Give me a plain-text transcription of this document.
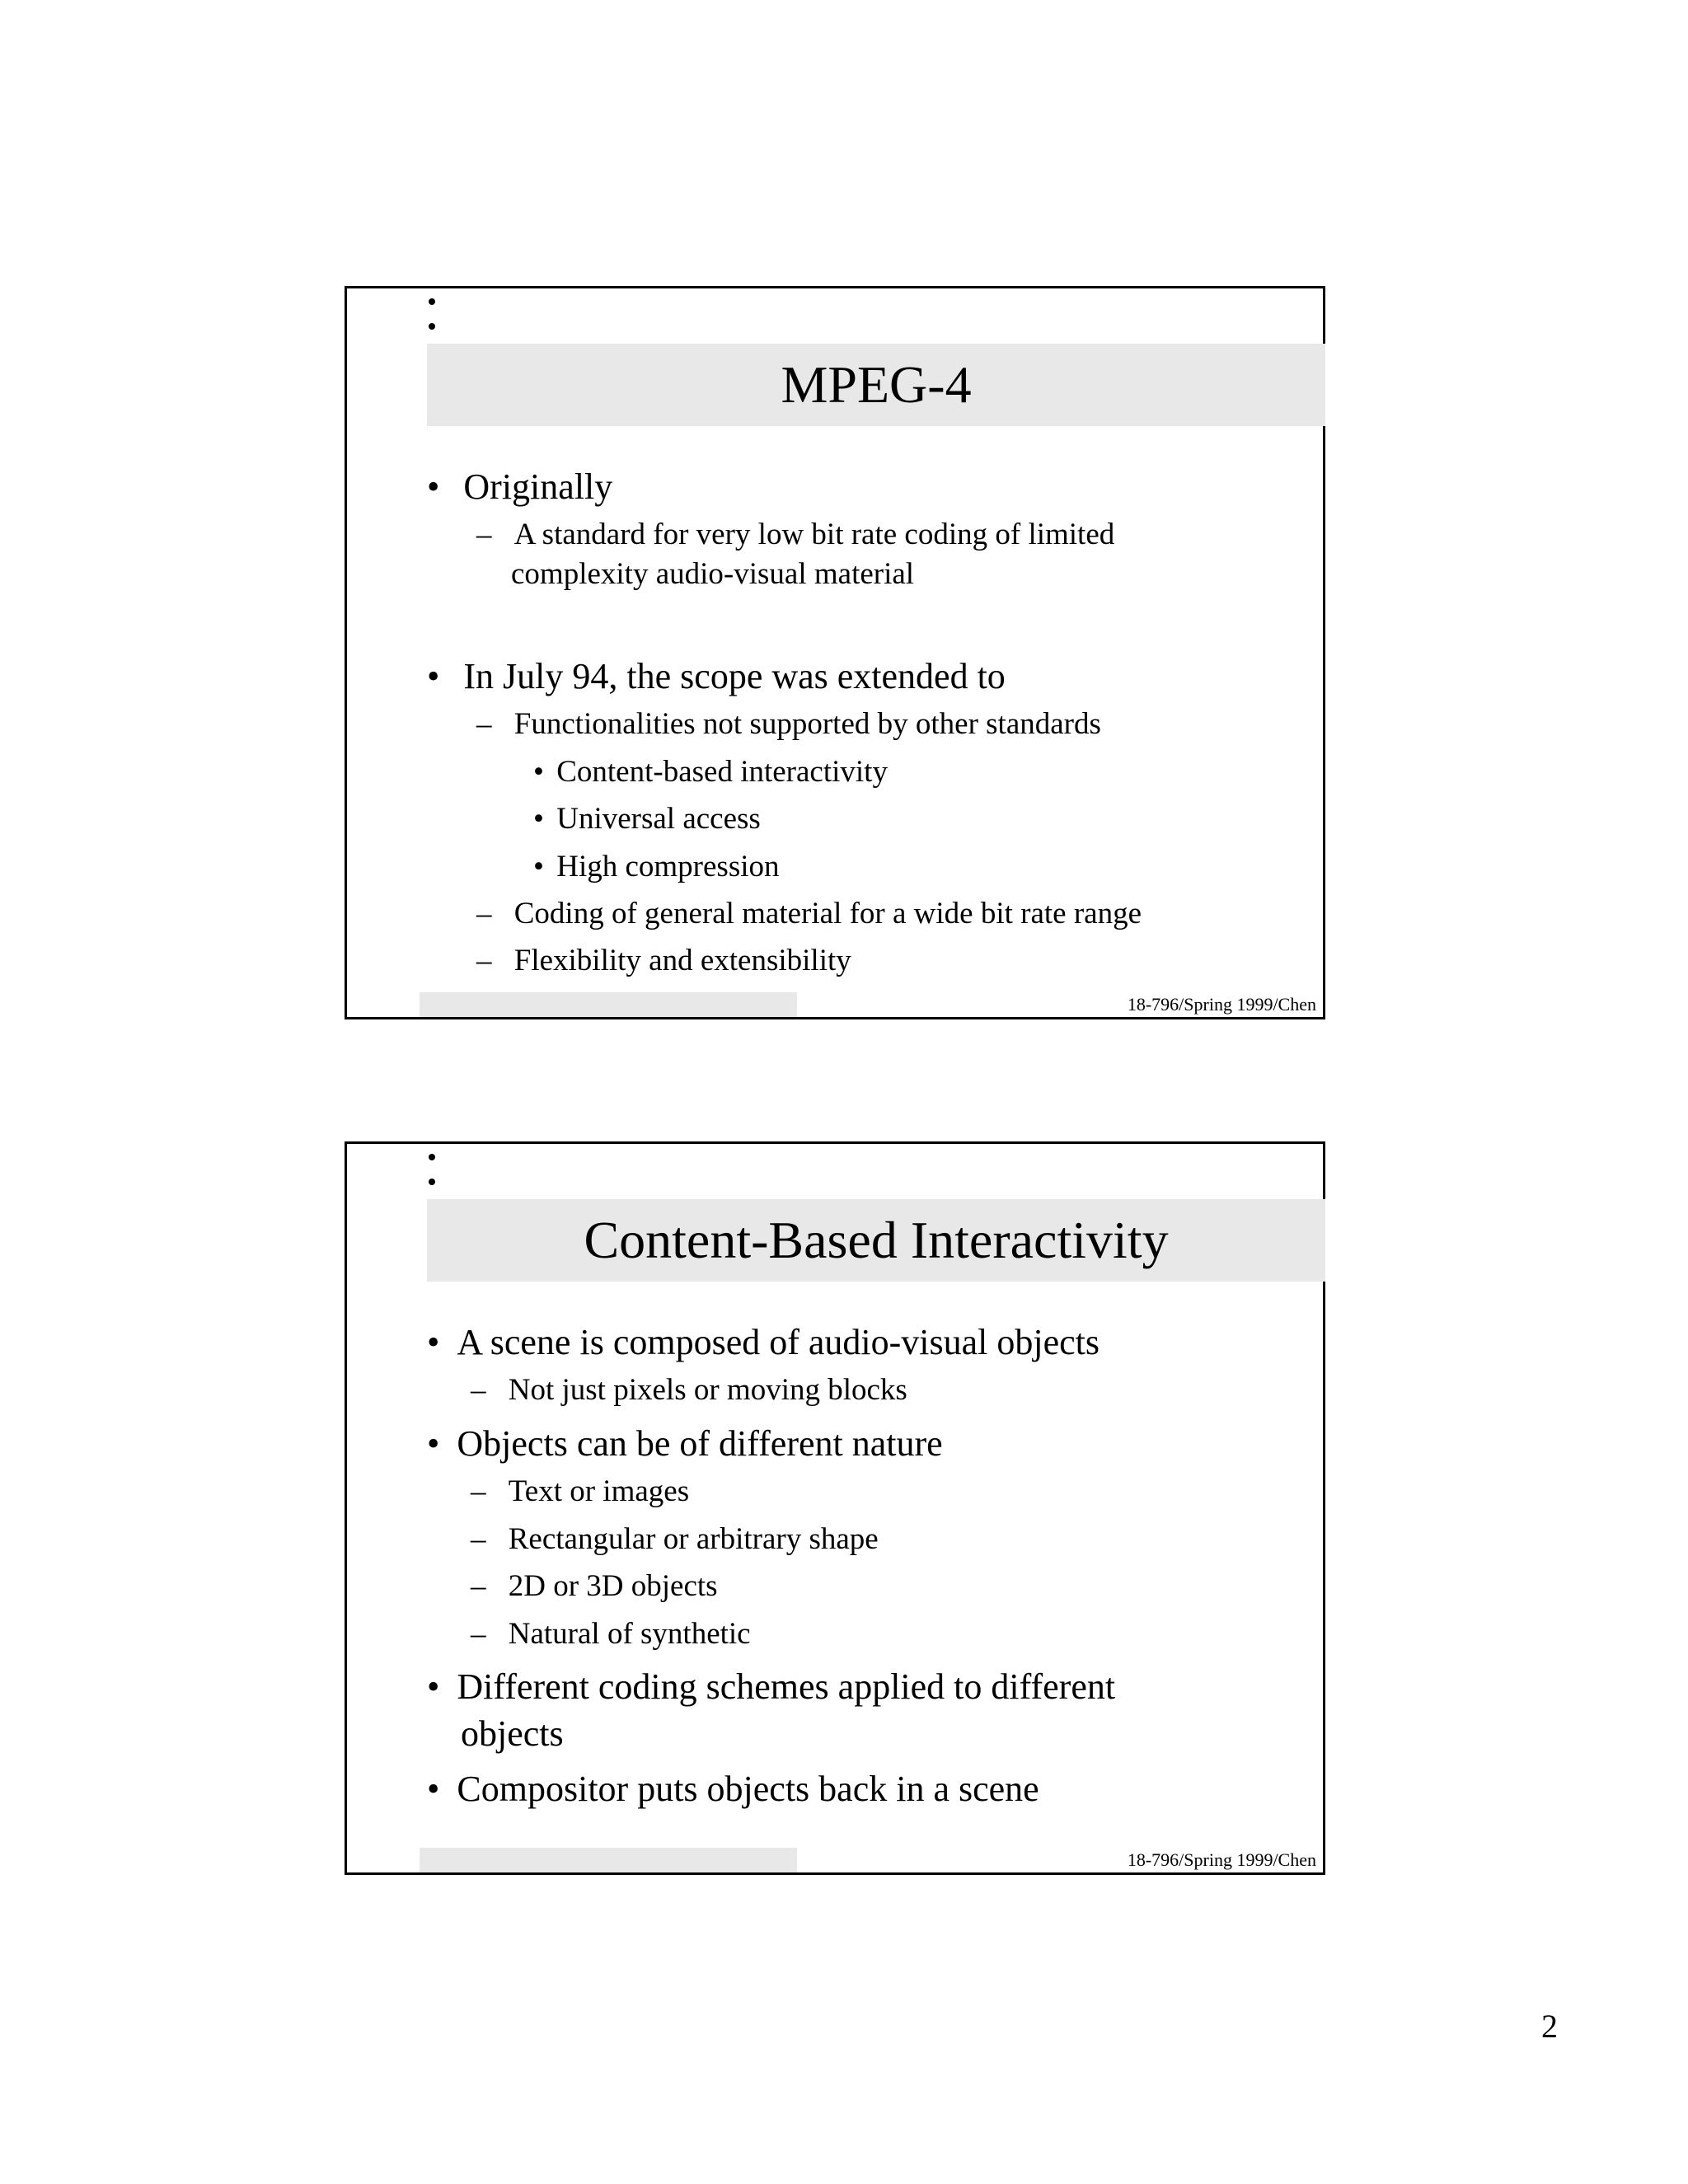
MPEG-4
• Originally
– A standard for very low bit rate coding of limited
complexity audio-visual material
• In July 94, the scope was extended to
– Functionalities not supported by other standards
• Content-based interactivity
• Universal access
• High compression
– Coding of general material for a wide bit rate range
– Flexibility and extensibility
18-796/Spring 1999/Chen
Content-Based Interactivity
• A scene is composed of audio-visual objects
– Not just pixels or moving blocks
• Objects can be of different nature
– Text or images
– Rectangular or arbitrary shape
– 2D or 3D objects
– Natural of synthetic
• Different coding schemes applied to different
objects
• Compositor puts objects back in a scene
18-796/Spring 1999/Chen
2
